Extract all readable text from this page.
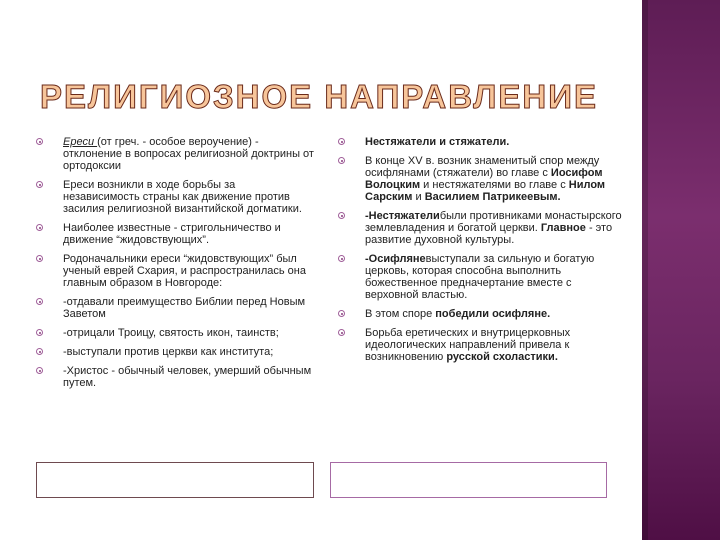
РЕЛИГИОЗНОЕ НАПРАВЛЕНИЕ
Ереси (от греч. - особое вероучение) - отклонение в вопросах религиозной доктрины от ортодоксии
Ереси возникли в ходе борьбы за независимость страны как движение против засилия религиозной византийской догматики.
Наиболее известные - стригольничество и движение “жидовствующих”.
Родоначальники ереси “жидовствующих” был ученый еврей Схария, и распространилась она главным образом в Новгороде:
-отдавали преимущество Библии перед Новым Заветом
-отрицали Троицу, святость икон, таинств;
-выступали против церкви как института;
-Христос - обычный человек, умерший обычным путем.
Нестяжатели и стяжатели.
В конце XV в. возник знаменитый спор между осифлянами (стяжатели) во главе с Иосифом Волоцким и нестяжателями во главе с Нилом Сарским и Василием Патрикеевым.
-Нестяжателибыли противниками монастырского землевладения и богатой церкви. Главное - это развитие духовной культуры.
-Осифляневыступали за сильную и богатую церковь, которая способна выполнить божественное предначертание вместе с верховной властью.
В этом споре победили осифляне.
Борьба еретических и внутрицерковных идеологических направлений привела к возникновению русской схоластики.
